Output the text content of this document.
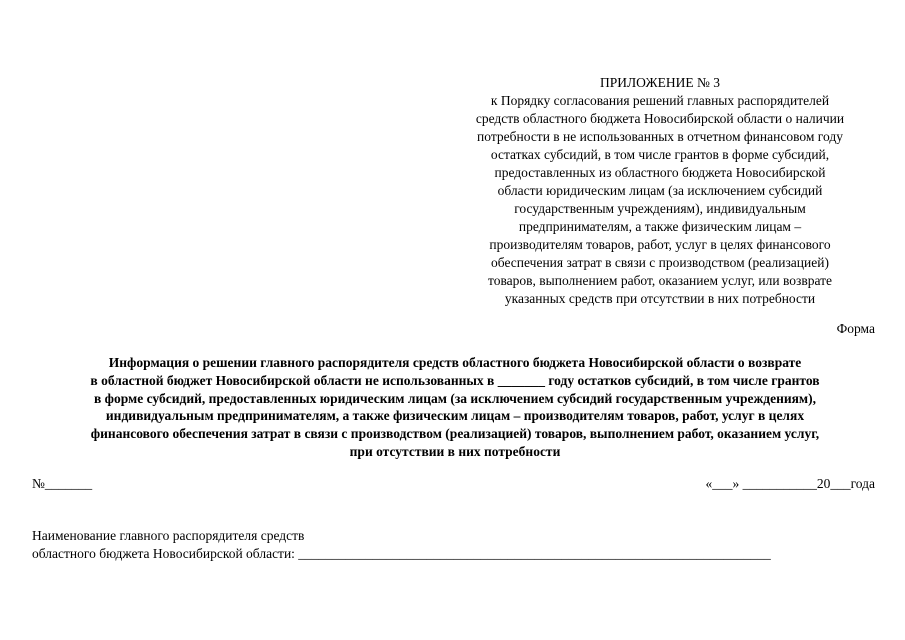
ПРИЛОЖЕНИЕ № 3
к Порядку согласования решений главных распорядителей
средств областного бюджета Новосибирской области о наличии
потребности в не использованных в отчетном финансовом году
остатках субсидий, в том числе грантов в форме субсидий,
предоставленных из областного бюджета Новосибирской
области юридическим лицам (за исключением субсидий
государственным учреждениям), индивидуальным
предпринимателям, а также физическим лицам –
производителям товаров, работ, услуг в целях финансового
обеспечения затрат в связи с производством (реализацией)
товаров, выполнением работ, оказанием услуг, или возврате
указанных средств при отсутствии в них потребности
Форма
Информация о решении главного распорядителя средств областного бюджета Новосибирской области о возврате
в областной бюджет Новосибирской области не использованных в _______ году остатков субсидий, в том числе грантов
в форме субсидий, предоставленных юридическим лицам (за исключением субсидий государственным учреждениям),
индивидуальным предпринимателям, а также физическим лицам – производителям товаров, работ, услуг в целях
финансового обеспечения затрат в связи с производством (реализацией) товаров, выполнением работ, оказанием услуг,
при отсутствии в них потребности
№_______	«___» ___________20___года
Наименование главного распорядителя средств
областного бюджета Новосибирской области: ______________________________________________________________________
